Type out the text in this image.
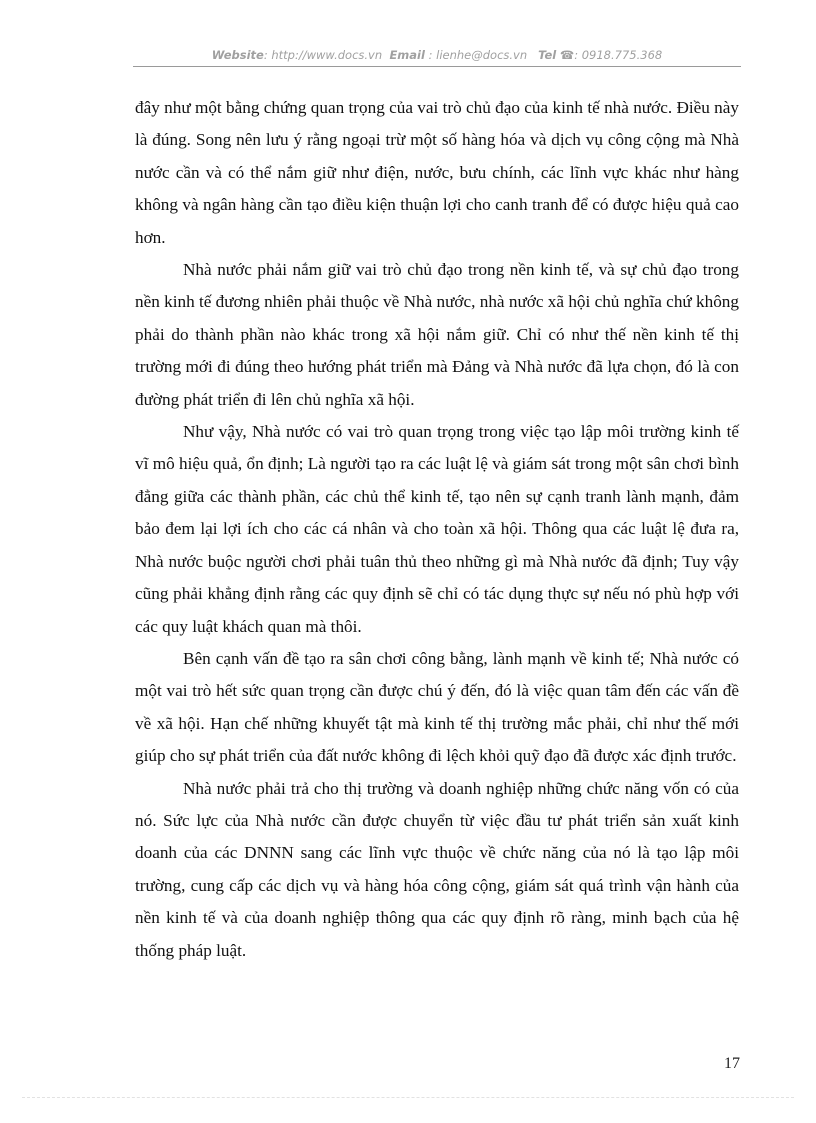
Website: http://www.docs.vn Email : lienhe@docs.vn Tel ☎: 0918.775.368

đây như một bằng chứng quan trọng của vai trò chủ đạo của kinh tế nhà nước. Điều này là đúng. Song nên lưu ý rằng ngoại trừ một số hàng hóa và dịch vụ công cộng mà Nhà nước cần và có thể nắm giữ như điện, nước, bưu chính, các lĩnh vực khác như hàng không và ngân hàng cần tạo điều kiện thuận lợi cho canh tranh để có được hiệu quả cao hơn.

Nhà nước phải nắm giữ vai trò chủ đạo trong nền kinh tế, và sự chủ đạo trong nền kinh tế đương nhiên phải thuộc về Nhà nước, nhà nước xã hội chủ nghĩa chứ không phải do thành phần nào khác trong xã hội nắm giữ. Chỉ có như thế nền kinh tế thị trường mới đi đúng theo hướng phát triển mà Đảng và Nhà nước đã lựa chọn, đó là con đường phát triển đi lên chủ nghĩa xã hội.

Như vậy, Nhà nước có vai trò quan trọng trong việc tạo lập môi trường kinh tế vĩ mô hiệu quả, ổn định; Là người tạo ra các luật lệ và giám sát trong một sân chơi bình đẳng giữa các thành phần, các chủ thể kinh tế, tạo nên sự cạnh tranh lành mạnh, đảm bảo đem lại lợi ích cho các cá nhân và cho toàn xã hội. Thông qua các luật lệ đưa ra, Nhà nước buộc người chơi phải tuân thủ theo những gì mà Nhà nước đã định; Tuy vậy cũng phải khẳng định rằng các quy định sẽ chỉ có tác dụng thực sự nếu nó phù hợp với các quy luật khách quan mà thôi.

Bên cạnh vấn đề tạo ra sân chơi công bằng, lành mạnh về kinh tế; Nhà nước có một vai trò hết sức quan trọng cần được chú ý đến, đó là việc quan tâm đến các vấn đề về xã hội. Hạn chế những khuyết tật mà kinh tế thị trường mắc phải, chỉ như thế mới giúp cho sự phát triển của đất nước không đi lệch khỏi quỹ đạo đã được xác định trước.

Nhà nước phải trả cho thị trường và doanh nghiệp những chức năng vốn có của nó. Sức lực của Nhà nước cần được chuyển từ việc đầu tư phát triển sản xuất kinh doanh của các DNNN sang các lĩnh vực thuộc về chức năng của nó là tạo lập môi trường, cung cấp các dịch vụ và hàng hóa công cộng, giám sát quá trình vận hành của nền kinh tế và của doanh nghiệp thông qua các quy định rõ ràng, minh bạch của hệ thống pháp luật.

17
